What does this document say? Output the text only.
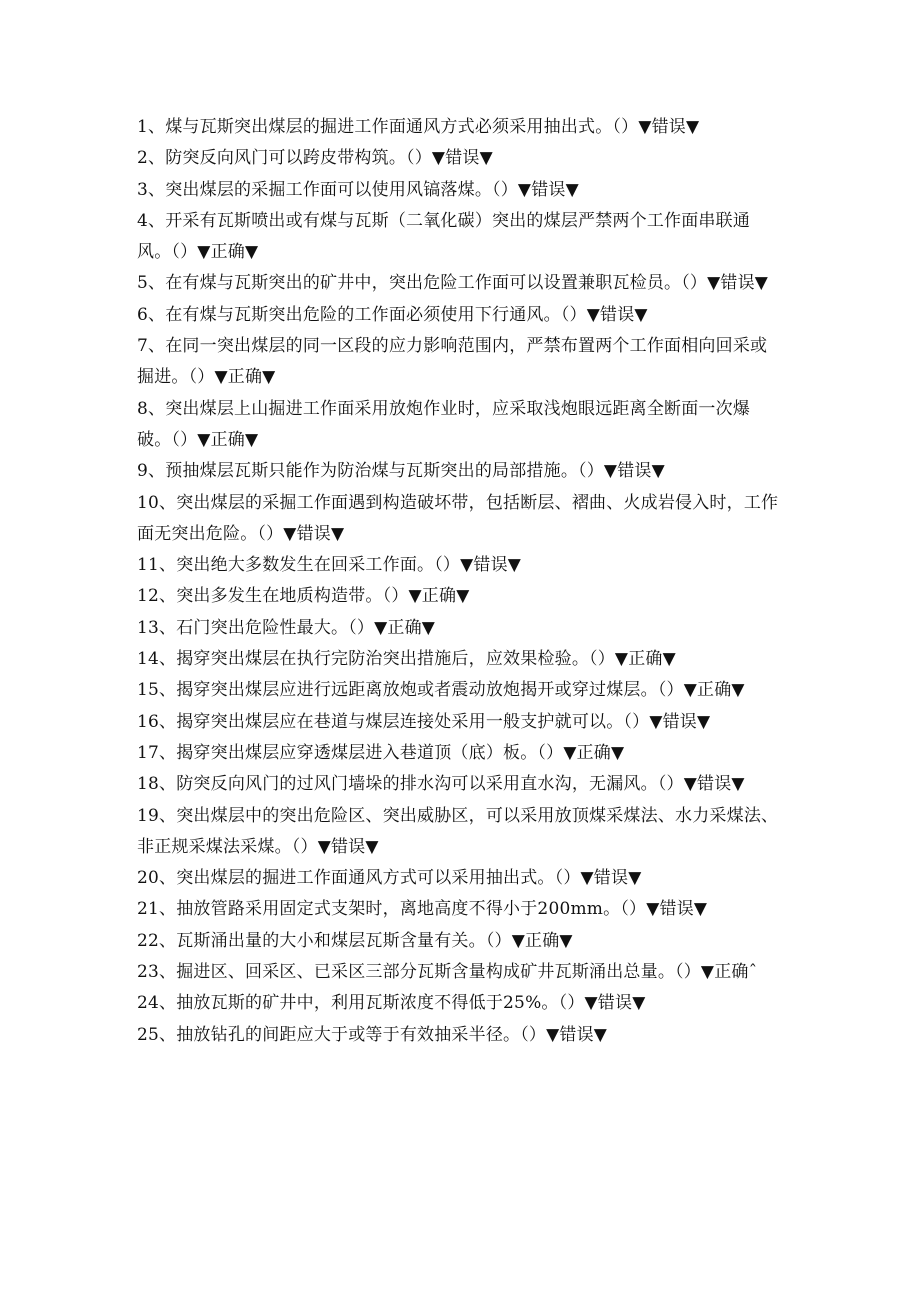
1、煤与瓦斯突出煤层的掘进工作面通风方式必须采用抽出式。（）▼错误▼

2、防突反向风门可以跨皮带构筑。（）▼错误▼

3、突出煤层的采掘工作面可以使用风镐落煤。（）▼错误▼

4、开采有瓦斯喷出或有煤与瓦斯（二氧化碳）突出的煤层严禁两个工作面串联通风。（）▼正确▼

5、在有煤与瓦斯突出的矿井中，突出危险工作面可以设置兼职瓦检员。（）▼错误▼

6、在有煤与瓦斯突出危险的工作面必须使用下行通风。（）▼错误▼

7、在同一突出煤层的同一区段的应力影响范围内，严禁布置两个工作面相向回采或掘进。（）▼正确▼

8、突出煤层上山掘进工作面采用放炮作业时，应采取浅炮眼远距离全断面一次爆破。（）▼正确▼

9、预抽煤层瓦斯只能作为防治煤与瓦斯突出的局部措施。（）▼错误▼

10、突出煤层的采掘工作面遇到构造破坏带，包括断层、褶曲、火成岩侵入时，工作面无突出危险。（）▼错误▼

11、突出绝大多数发生在回采工作面。（）▼错误▼

12、突出多发生在地质构造带。（）▼正确▼

13、石门突出危险性最大。（）▼正确▼

14、揭穿突出煤层在执行完防治突出措施后，应效果检验。（）▼正确▼

15、揭穿突出煤层应进行远距离放炮或者震动放炮揭开或穿过煤层。（）▼正确▼

16、揭穿突出煤层应在巷道与煤层连接处采用一般支护就可以。（）▼错误▼

17、揭穿突出煤层应穿透煤层进入巷道顶（底）板。（）▼正确▼

18、防突反向风门的过风门墙垛的排水沟可以采用直水沟，无漏风。（）▼错误▼

19、突出煤层中的突出危险区、突出威胁区，可以采用放顶煤采煤法、水力采煤法、非正规采煤法采煤。（）▼错误▼

20、突出煤层的掘进工作面通风方式可以采用抽出式。（）▼错误▼

21、抽放管路采用固定式支架时，离地高度不得小于200mm。（）▼错误▼

22、瓦斯涌出量的大小和煤层瓦斯含量有关。（）▼正确▼

23、掘进区、回采区、已采区三部分瓦斯含量构成矿井瓦斯涌出总量。（）▼正确ˆ

24、抽放瓦斯的矿井中，利用瓦斯浓度不得低于25%。（）▼错误▼

25、抽放钻孔的间距应大于或等于有效抽采半径。（）▼错误▼
